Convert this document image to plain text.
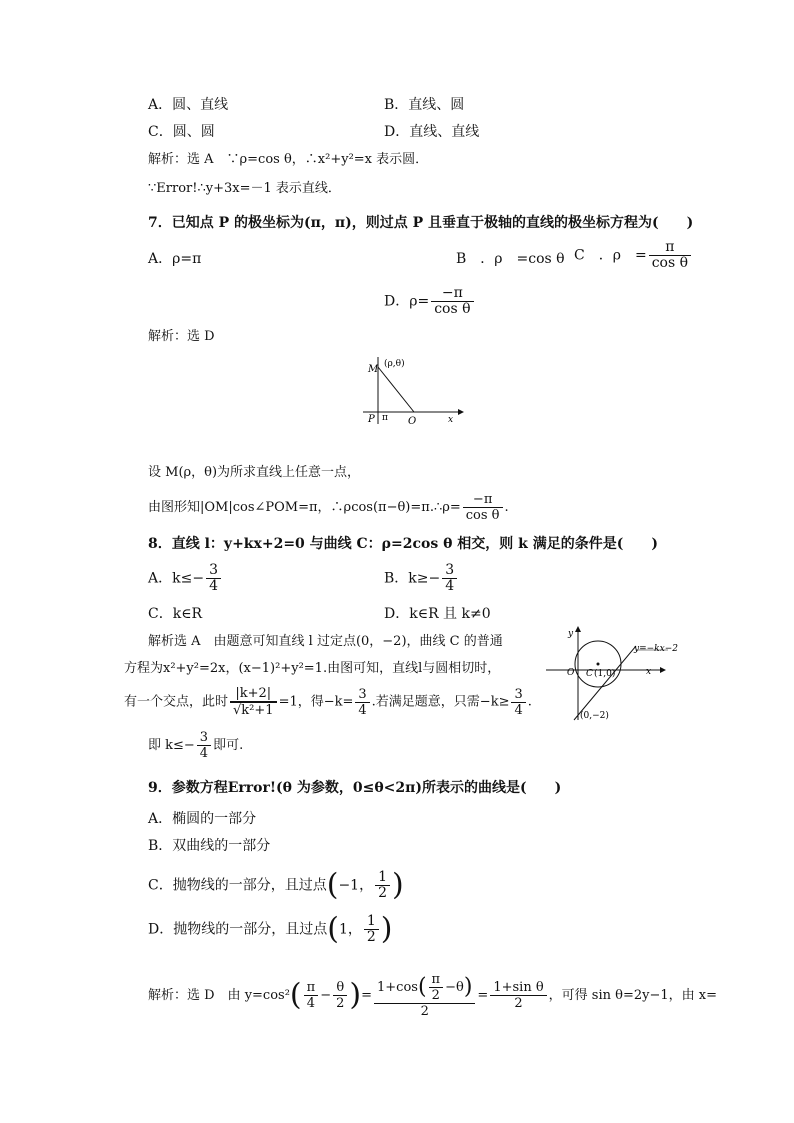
A．圆、直线	B．直线、圆
C．圆、圆	D．直线、直线
解析：选 A　∵ρ=cos θ，∴x²+y²=x 表示圆．
∵Error!∴y+3x=－1 表示直线．
7．已知点 P 的极坐标为(π，π)，则过点 P 且垂直于极轴的直线的极坐标方程为(　　)
A．ρ=π	B　．ρ　=cos θ C　．ρ　= $\frac{\pi}{\text{cos θ}}$
D．$\rho= \frac{-\pi}{\text{cos θ}}$
解析：选 D
M (ρ,θ)
P π O	x
设 M(ρ，θ)为所求直线上任意一点，
由图形知|OM|cos∠POM=π，∴ρcos(π−θ)=π.∴ρ= $\frac{-\pi}{\text{cos θ}}$ .
8．直线 l：y+kx+2=0 与曲线 C：ρ=2cos θ 相交，则 k 满足的条件是(　　)
A．$k\le- \frac{3}{4}$	B．$k\ge- \frac{3}{4}$
C．k∈R	D．k∈R 且 k≠0
解析选 A　由题意可知直线 l 过定点(0，−2)，曲线 C 的普通
方程为x²+y²=2x，(x−1)²+y²=1.由图可知，直线l与圆相切时，
有一个交点，此时 $\frac{|k+2|}{\text{√k²+1}} =1$，得$-k= \frac{3}{4}$ .若满足题意，只需$-k\ge \frac{3}{4}$ .
即 $k\le- \frac{3}{4}$ 即可.
y
y=−kx−2
O C (1,0)	x
(0,−2)
9．参数方程Error!(θ 为参数，0≤θ<2π)所表示的曲线是(　　)
A．椭圆的一部分
B．双曲线的一部分
C．抛物线的一部分，且过点(−1， $\frac{1}{2}$ )
D．抛物线的一部分，且过点(1， $\frac{1}{2}$ )
解析：选 D　由 $y=\cos^2( \frac{\pi}{4} - \frac{\theta}{2}$ )= $\frac{1+\cos( \frac{\pi}{2} -\theta)}{2} = \frac{\text{1+sin θ}}{2}$ ，可得 sin θ=2y−1，由 x=
